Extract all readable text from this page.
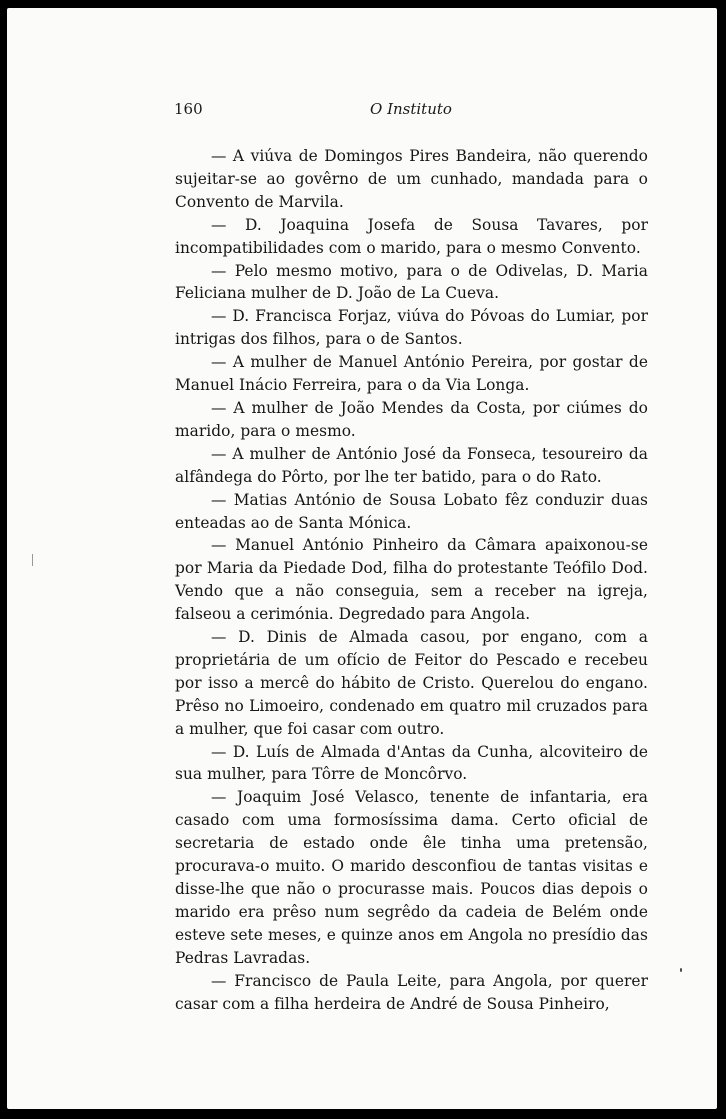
160	O Instituto

— A viúva de Domingos Pires Bandeira, não querendo sujeitar-se ao govêrno de um cunhado, mandada para o Convento de Marvila.

— D. Joaquina Josefa de Sousa Tavares, por incompatibilidades com o marido, para o mesmo Convento.

— Pelo mesmo motivo, para o de Odivelas, D. Maria Feliciana mulher de D. João de La Cueva.

— D. Francisca Forjaz, viúva do Póvoas do Lumiar, por intrigas dos filhos, para o de Santos.

— A mulher de Manuel António Pereira, por gostar de Manuel Inácio Ferreira, para o da Via Longa.

— A mulher de João Mendes da Costa, por ciúmes do marido, para o mesmo.

— A mulher de António José da Fonseca, tesoureiro da alfândega do Pôrto, por lhe ter batido, para o do Rato.

— Matias António de Sousa Lobato fêz conduzir duas enteadas ao de Santa Mónica.

— Manuel António Pinheiro da Câmara apaixonou-se por Maria da Piedade Dod, filha do protestante Teófilo Dod. Vendo que a não conseguia, sem a receber na igreja, falseou a cerimónia. Degredado para Angola.

— D. Dinis de Almada casou, por engano, com a proprietária de um ofício de Feitor do Pescado e recebeu por isso a mercê do hábito de Cristo. Querelou do engano. Prêso no Limoeiro, condenado em quatro mil cruzados para a mulher, que foi casar com outro.

— D. Luís de Almada d'Antas da Cunha, alcoviteiro de sua mulher, para Tôrre de Moncôrvo.

— Joaquim José Velasco, tenente de infantaria, era casado com uma formosíssima dama. Certo oficial de secretaria de estado onde êle tinha uma pretensão, procurava-o muito. O marido desconfiou de tantas visitas e disse-lhe que não o procurasse mais. Poucos dias depois o marido era prêso num segrêdo da cadeia de Belém onde esteve sete meses, e quinze anos em Angola no presídio das Pedras Lavradas.

— Francisco de Paula Leite, para Angola, por querer casar com a filha herdeira de André de Sousa Pinheiro,
